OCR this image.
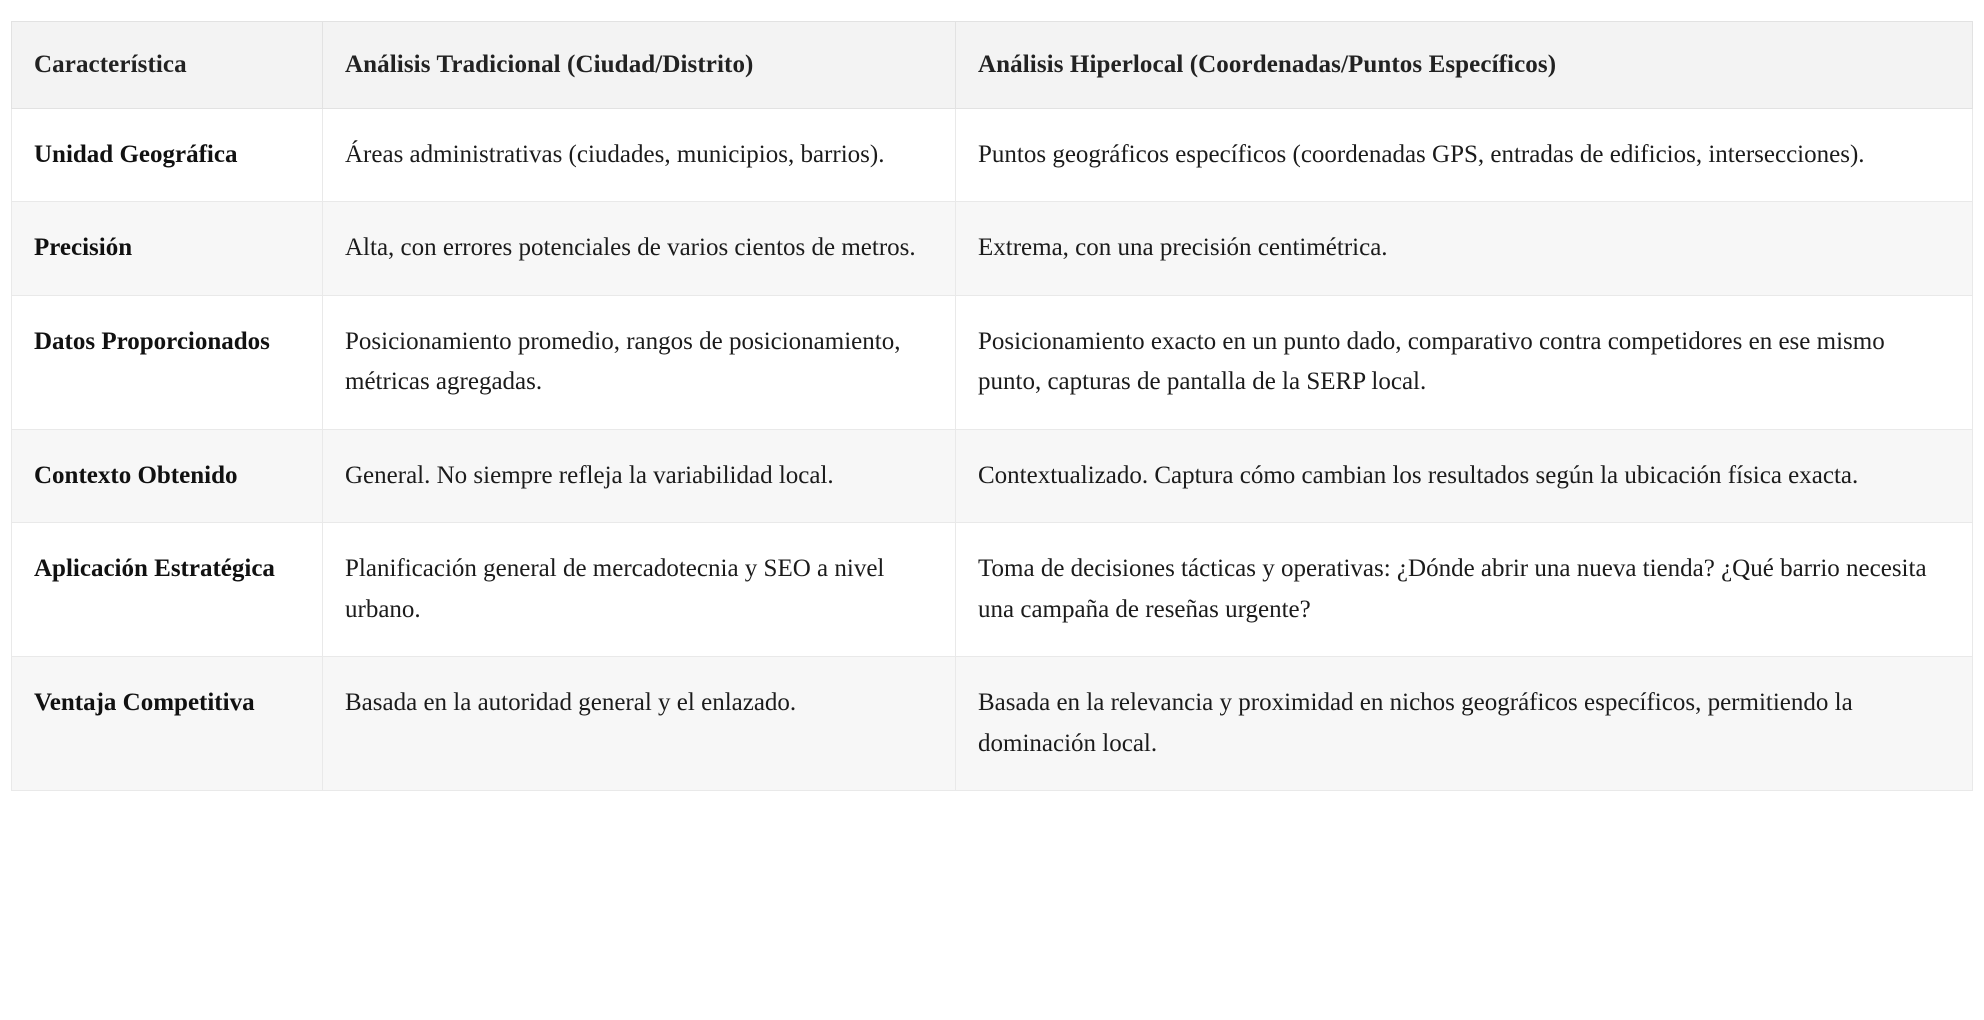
Característica	Análisis Tradicional (Ciudad/Distrito)	Análisis Hiperlocal (Coordenadas/Puntos Específicos)
Unidad Geográfica	Áreas administrativas (ciudades, municipios, barrios).	Puntos geográficos específicos (coordenadas GPS, entradas de edificios, intersecciones).
Precisión	Alta, con errores potenciales de varios cientos de metros.	Extrema, con una precisión centimétrica.
Datos Proporcionados	Posicionamiento promedio, rangos de posicionamiento, métricas agregadas.	Posicionamiento exacto en un punto dado, comparativo contra competidores en ese mismo punto, capturas de pantalla de la SERP local.
Contexto Obtenido	General. No siempre refleja la variabilidad local.	Contextualizado. Captura cómo cambian los resultados según la ubicación física exacta.
Aplicación Estratégica	Planificación general de mercadotecnia y SEO a nivel urbano.	Toma de decisiones tácticas y operativas: ¿Dónde abrir una nueva tienda? ¿Qué barrio necesita una campaña de reseñas urgente?
Ventaja Competitiva	Basada en la autoridad general y el enlazado.	Basada en la relevancia y proximidad en nichos geográficos específicos, permitiendo la dominación local.
